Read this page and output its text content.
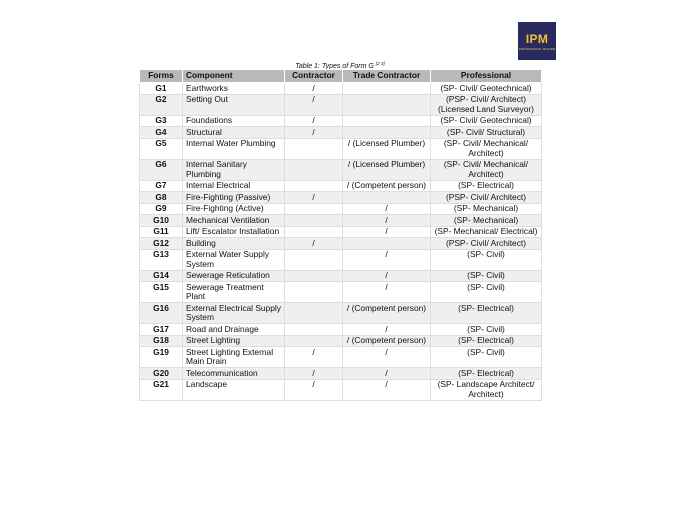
IPM
PROFESSIONAL MASTER
Table 1: Types of Form G [2-3]
Forms	Component	Contractor	Trade Contractor	Professional
G1	Earthworks	/		(SP- Civil/ Geotechnical)
G2	Setting Out	/		(PSP- Civil/ Architect) (Licensed Land Surveyor)
G3	Foundations	/		(SP- Civil/ Geotechnical)
G4	Structural	/		(SP- Civil/ Structural)
G5	Internal Water Plumbing		/ (Licensed Plumber)	(SP- Civil/ Mechanical/ Architect)
G6	Internal Sanitary Plumbing		/ (Licensed Plumber)	(SP- Civil/ Mechanical/ Architect)
G7	Internal Electrical		/ (Competent person)	(SP- Electrical)
G8	Fire-Fighting (Passive)	/		(PSP- Civil/ Architect)
G9	Fire-Fighting (Active)		/	(SP- Mechanical)
G10	Mechanical Ventilation		/	(SP- Mechanical)
G11	Lift/ Escalator Installation		/	(SP- Mechanical/ Electrical)
G12	Building	/		(PSP- Civil/ Architect)
G13	External Water Supply System		/	(SP- Civil)
G14	Sewerage Reticulation		/	(SP- Civil)
G15	Sewerage Treatment Plant		/	(SP- Civil)
G16	External Electrical Supply System		/ (Competent person)	(SP- Electrical)
G17	Road and Drainage		/	(SP- Civil)
G18	Street Lighting		/ (Competent person)	(SP- Electrical)
G19	Street Lighting External Main Drain	/	/	(SP- Civil)
G20	Telecommunication	/	/	(SP- Electrical)
G21	Landscape	/	/	(SP- Landscape Architect/ Architect)
